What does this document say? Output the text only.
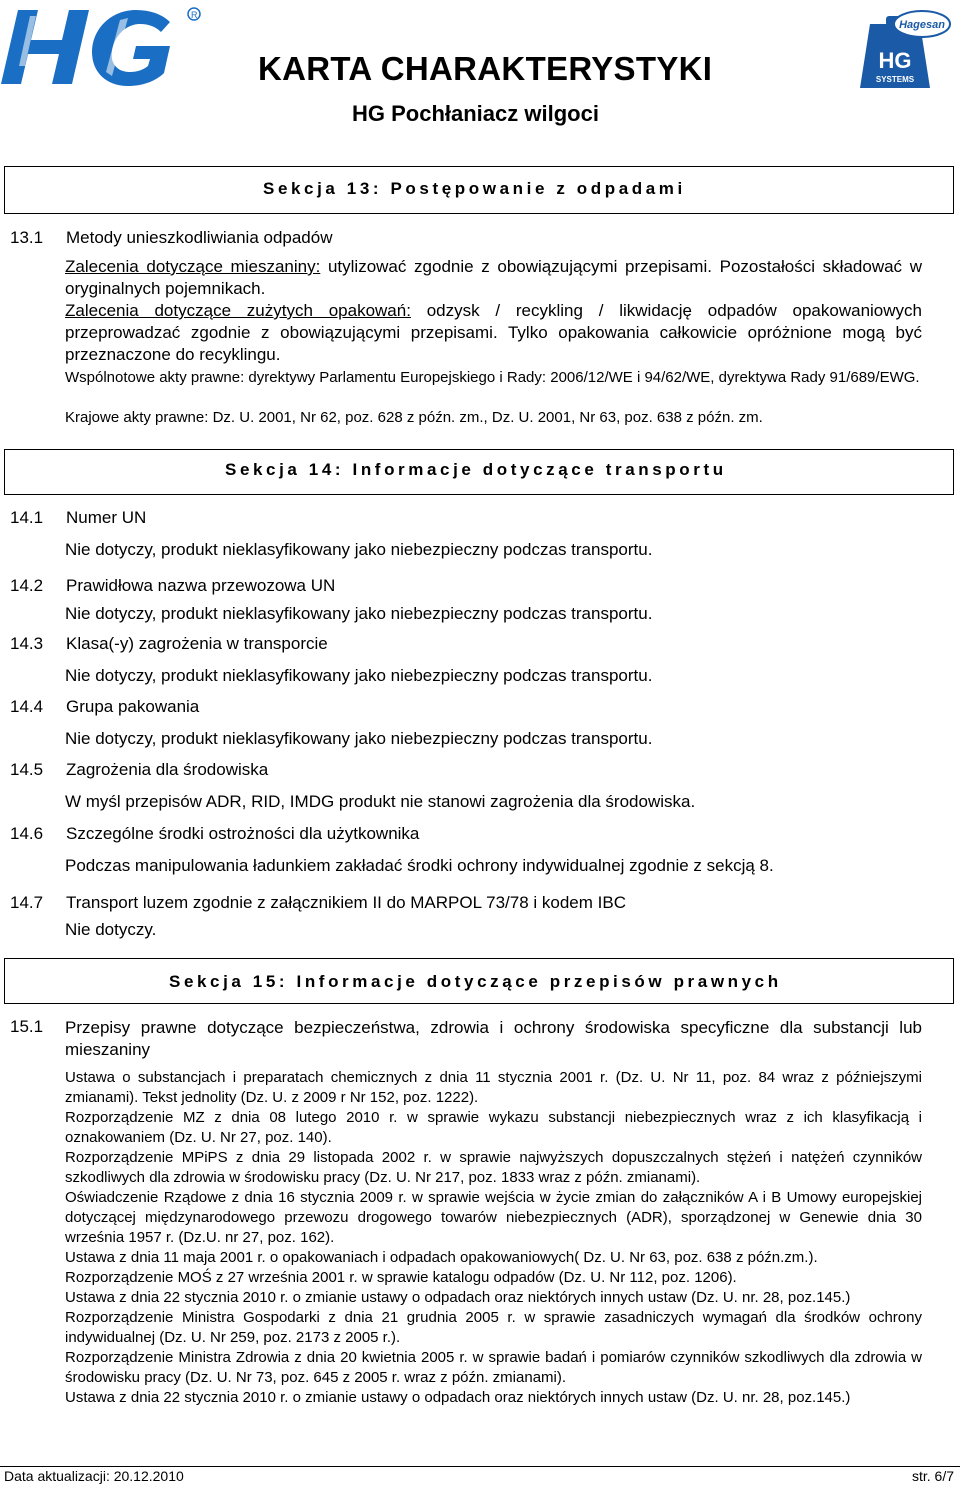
R
KARTA CHARAKTERYSTYKI
HG Pochłaniacz wilgoci
Hagesan
HG
SYSTEMS
Sekcja 13: Postępowanie z odpadami
13.1 Metody unieszkodliwiania odpadów
Zalecenia dotyczące mieszaniny: utylizować zgodnie z obowiązującymi przepisami. Pozostałości składować w oryginalnych pojemnikach.
Zalecenia dotyczące zużytych opakowań: odzysk / recykling / likwidację odpadów opakowaniowych przeprowadzać zgodnie z obowiązującymi przepisami. Tylko opakowania całkowicie opróżnione mogą być przeznaczone do recyklingu.
Wspólnotowe akty prawne: dyrektywy Parlamentu Europejskiego i Rady: 2006/12/WE i 94/62/WE, dyrektywa Rady 91/689/EWG.
Krajowe akty prawne: Dz. U. 2001, Nr 62, poz. 628 z późn. zm., Dz. U. 2001, Nr 63, poz. 638 z późn. zm.
Sekcja 14: Informacje dotyczące transportu
14.1 Numer UN
Nie dotyczy, produkt nieklasyfikowany jako niebezpieczny podczas transportu.
14.2 Prawidłowa nazwa przewozowa UN
Nie dotyczy, produkt nieklasyfikowany jako niebezpieczny podczas transportu.
14.3 Klasa(-y) zagrożenia w transporcie
Nie dotyczy, produkt nieklasyfikowany jako niebezpieczny podczas transportu.
14.4 Grupa pakowania
Nie dotyczy, produkt nieklasyfikowany jako niebezpieczny podczas transportu.
14.5 Zagrożenia dla środowiska
W myśl przepisów ADR, RID, IMDG produkt nie stanowi zagrożenia dla środowiska.
14.6 Szczególne środki ostrożności dla użytkownika
Podczas manipulowania ładunkiem zakładać środki ochrony indywidualnej zgodnie z sekcją 8.
14.7 Transport luzem zgodnie z załącznikiem II do MARPOL 73/78 i kodem IBC
Nie dotyczy.
Sekcja 15: Informacje dotyczące przepisów prawnych
15.1 Przepisy prawne dotyczące bezpieczeństwa, zdrowia i ochrony środowiska specyficzne dla substancji lub mieszaniny

Ustawa o substancjach i preparatach chemicznych z dnia 11 stycznia 2001 r. (Dz. U. Nr 11, poz. 84 wraz z późniejszymi zmianami). Tekst jednolity (Dz. U. z 2009 r Nr 152, poz. 1222).

Rozporządzenie MZ z dnia 08 lutego 2010 r. w sprawie wykazu substancji niebezpiecznych wraz z ich klasyfikacją i oznakowaniem (Dz. U. Nr 27, poz. 140).

Rozporządzenie MPiPS z dnia 29 listopada 2002 r. w sprawie najwyższych dopuszczalnych stężeń i natężeń czynników szkodliwych dla zdrowia w środowisku pracy (Dz. U. Nr 217, poz. 1833 wraz z późn. zmianami).

Oświadczenie Rządowe z dnia 16 stycznia 2009 r. w sprawie wejścia w życie zmian do załączników A i B Umowy europejskiej dotyczącej międzynarodowego przewozu drogowego towarów niebezpiecznych (ADR), sporządzonej w Genewie dnia 30 września 1957 r. (Dz.U. nr 27, poz. 162).

Ustawa z dnia 11 maja 2001 r. o opakowaniach i odpadach opakowaniowych( Dz. U. Nr 63, poz. 638 z późn.zm.).

Rozporządzenie MOŚ z 27 września 2001 r. w sprawie katalogu odpadów (Dz. U. Nr 112, poz. 1206).

Ustawa z dnia 22 stycznia 2010 r. o zmianie ustawy o odpadach oraz niektórych innych ustaw (Dz. U. nr. 28, poz.145.)

Rozporządzenie Ministra Gospodarki z dnia 21 grudnia 2005 r. w sprawie zasadniczych wymagań dla środków ochrony indywidualnej (Dz. U. Nr 259, poz. 2173 z 2005 r.).

Rozporządzenie Ministra Zdrowia z dnia 20 kwietnia 2005 r. w sprawie badań i pomiarów czynników szkodliwych dla zdrowia w środowisku pracy (Dz. U. Nr 73, poz. 645 z 2005 r. wraz z późn. zmianami).

Ustawa z dnia 22 stycznia 2010 r. o zmianie ustawy o odpadach oraz niektórych innych ustaw (Dz. U. nr. 28, poz.145.)

Data aktualizacji: 20.12.2010	str. 6/7
